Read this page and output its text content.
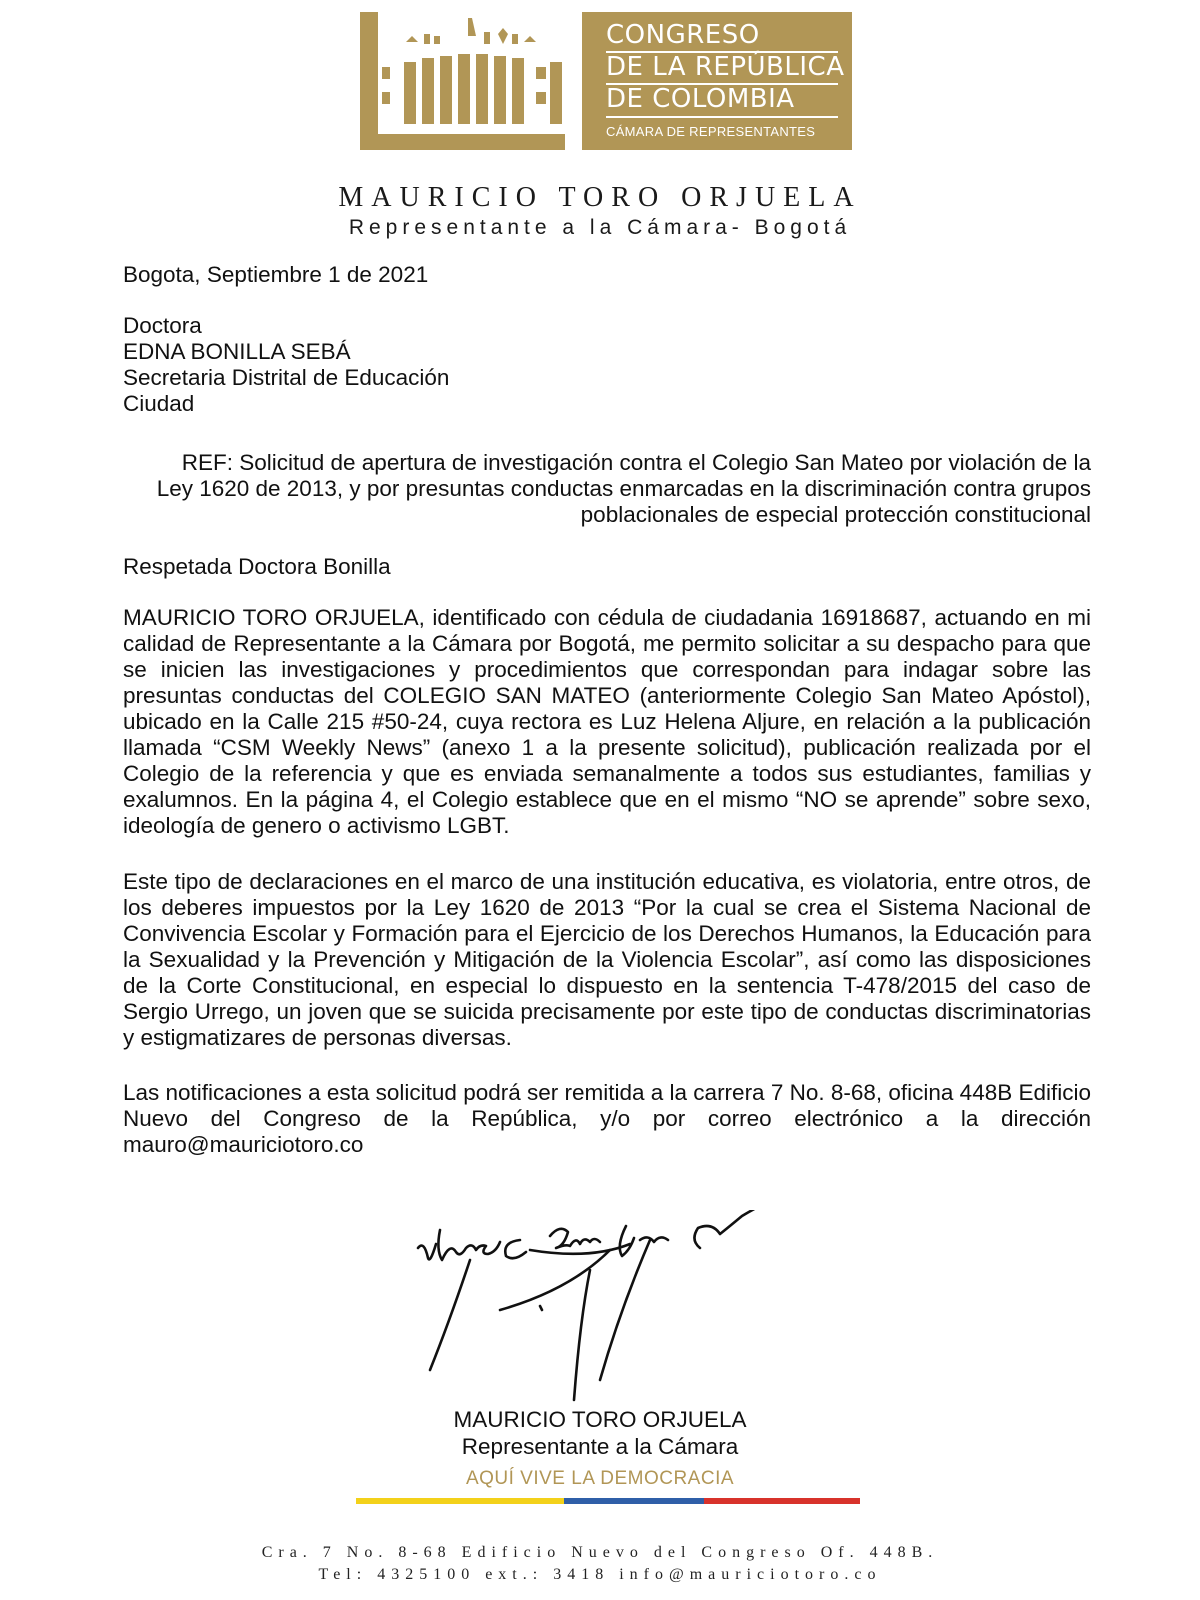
CONGRESO
DE LA REPÚBLICA
DE COLOMBIA
CÁMARA DE REPRESENTANTES
MAURICIO TORO ORJUELA
Representante a la Cámara- Bogotá
Bogota, Septiembre 1 de 2021
Doctora
EDNA BONILLA SEBÁ
Secretaria Distrital de Educación
Ciudad
REF: Solicitud de apertura de investigación contra el Colegio San Mateo por violación de la Ley 1620 de 2013, y por presuntas conductas enmarcadas en la discriminación contra grupos poblacionales de especial protección constitucional
Respetada Doctora Bonilla
MAURICIO TORO ORJUELA, identificado con cédula de ciudadania 16918687, actuando en mi calidad de Representante a la Cámara por Bogotá, me permito solicitar a su despacho para que se inicien las investigaciones y procedimientos que correspondan para indagar sobre las presuntas conductas del COLEGIO SAN MATEO (anteriormente Colegio San Mateo Apóstol), ubicado en la Calle 215 #50-24, cuya rectora es Luz Helena Aljure, en relación a la publicación llamada “CSM Weekly News” (anexo 1 a la presente solicitud), publicación realizada por el Colegio de la referencia y que es enviada semanalmente a todos sus estudiantes, familias y exalumnos. En la página 4, el Colegio establece que en el mismo “NO se aprende” sobre sexo, ideología de genero o activismo LGBT.
Este tipo de declaraciones en el marco de una institución educativa, es violatoria, entre otros, de los deberes impuestos por la Ley 1620 de 2013 “Por la cual se crea el Sistema Nacional de Convivencia Escolar y Formación para el Ejercicio de los Derechos Humanos, la Educación para la Sexualidad y la Prevención y Mitigación de la Violencia Escolar”, así como las disposiciones de la Corte Constitucional, en especial lo dispuesto en la sentencia T-478/2015 del caso de Sergio Urrego, un joven que se suicida precisamente por este tipo de conductas discriminatorias y estigmatizares de personas diversas.
Las notificaciones a esta solicitud podrá ser remitida a la carrera 7 No. 8-68, oficina 448B Edificio Nuevo del Congreso de la República, y/o por correo electrónico a la dirección mauro@mauriciotoro.co
MAURICIO TORO ORJUELA
Representante a la Cámara
AQUÍ VIVE LA DEMOCRACIA
Cra. 7 No. 8-68 Edificio Nuevo del Congreso Of. 448B.
Tel: 4325100 ext.: 3418 info@mauriciotoro.co
